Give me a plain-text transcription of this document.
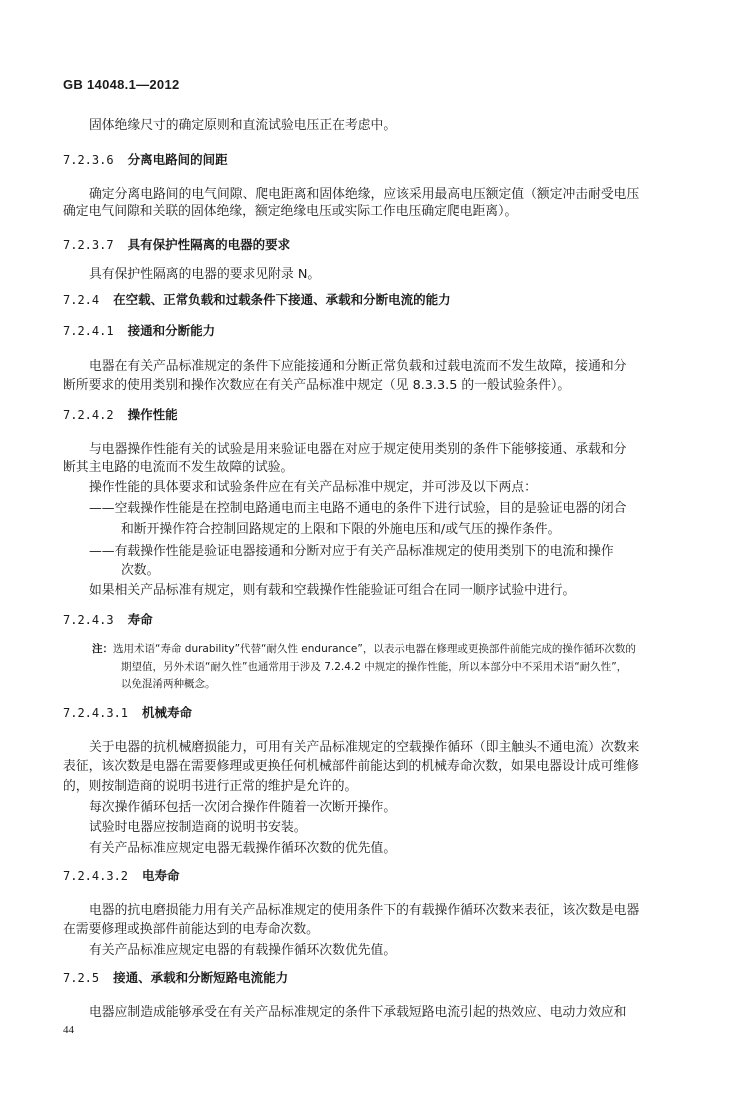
GB 14048.1—2012
固体绝缘尺寸的确定原则和直流试验电压正在考虑中。
7.2.3.6 分离电路间的间距
确定分离电路间的电气间隙、爬电距离和固体绝缘，应该采用最高电压额定值（额定冲击耐受电压
确定电气间隙和关联的固体绝缘，额定绝缘电压或实际工作电压确定爬电距离）。
7.2.3.7 具有保护性隔离的电器的要求
具有保护性隔离的电器的要求见附录 N。
7.2.4 在空载、正常负载和过载条件下接通、承载和分断电流的能力
7.2.4.1 接通和分断能力
电器在有关产品标准规定的条件下应能接通和分断正常负载和过载电流而不发生故障，接通和分
断所要求的使用类别和操作次数应在有关产品标准中规定（见 8.3.3.5 的一般试验条件）。
7.2.4.2 操作性能
与电器操作性能有关的试验是用来验证电器在对应于规定使用类别的条件下能够接通、承载和分
断其主电路的电流而不发生故障的试验。
操作性能的具体要求和试验条件应在有关产品标准中规定，并可涉及以下两点：
——空载操作性能是在控制电路通电而主电路不通电的条件下进行试验，目的是验证电器的闭合
和断开操作符合控制回路规定的上限和下限的外施电压和/或气压的操作条件。
——有载操作性能是验证电器接通和分断对应于有关产品标准规定的使用类别下的电流和操作
次数。
如果相关产品标准有规定，则有载和空载操作性能验证可组合在同一顺序试验中进行。
7.2.4.3 寿命
注：选用术语“寿命 durability”代替“耐久性 endurance”，以表示电器在修理或更换部件前能完成的操作循环次数的
期望值，另外术语“耐久性”也通常用于涉及 7.2.4.2 中规定的操作性能，所以本部分中不采用术语“耐久性”，
以免混淆两种概念。
7.2.4.3.1 机械寿命
关于电器的抗机械磨损能力，可用有关产品标准规定的空载操作循环（即主触头不通电流）次数来
表征，该次数是电器在需要修理或更换任何机械部件前能达到的机械寿命次数，如果电器设计成可维修
的，则按制造商的说明书进行正常的维护是允许的。
每次操作循环包括一次闭合操作件随着一次断开操作。
试验时电器应按制造商的说明书安装。
有关产品标准应规定电器无载操作循环次数的优先值。
7.2.4.3.2 电寿命
电器的抗电磨损能力用有关产品标准规定的使用条件下的有载操作循环次数来表征，该次数是电器
在需要修理或换部件前能达到的电寿命次数。
有关产品标准应规定电器的有载操作循环次数优先值。
7.2.5 接通、承载和分断短路电流能力
电器应制造成能够承受在有关产品标准规定的条件下承载短路电流引起的热效应、电动力效应和
44
